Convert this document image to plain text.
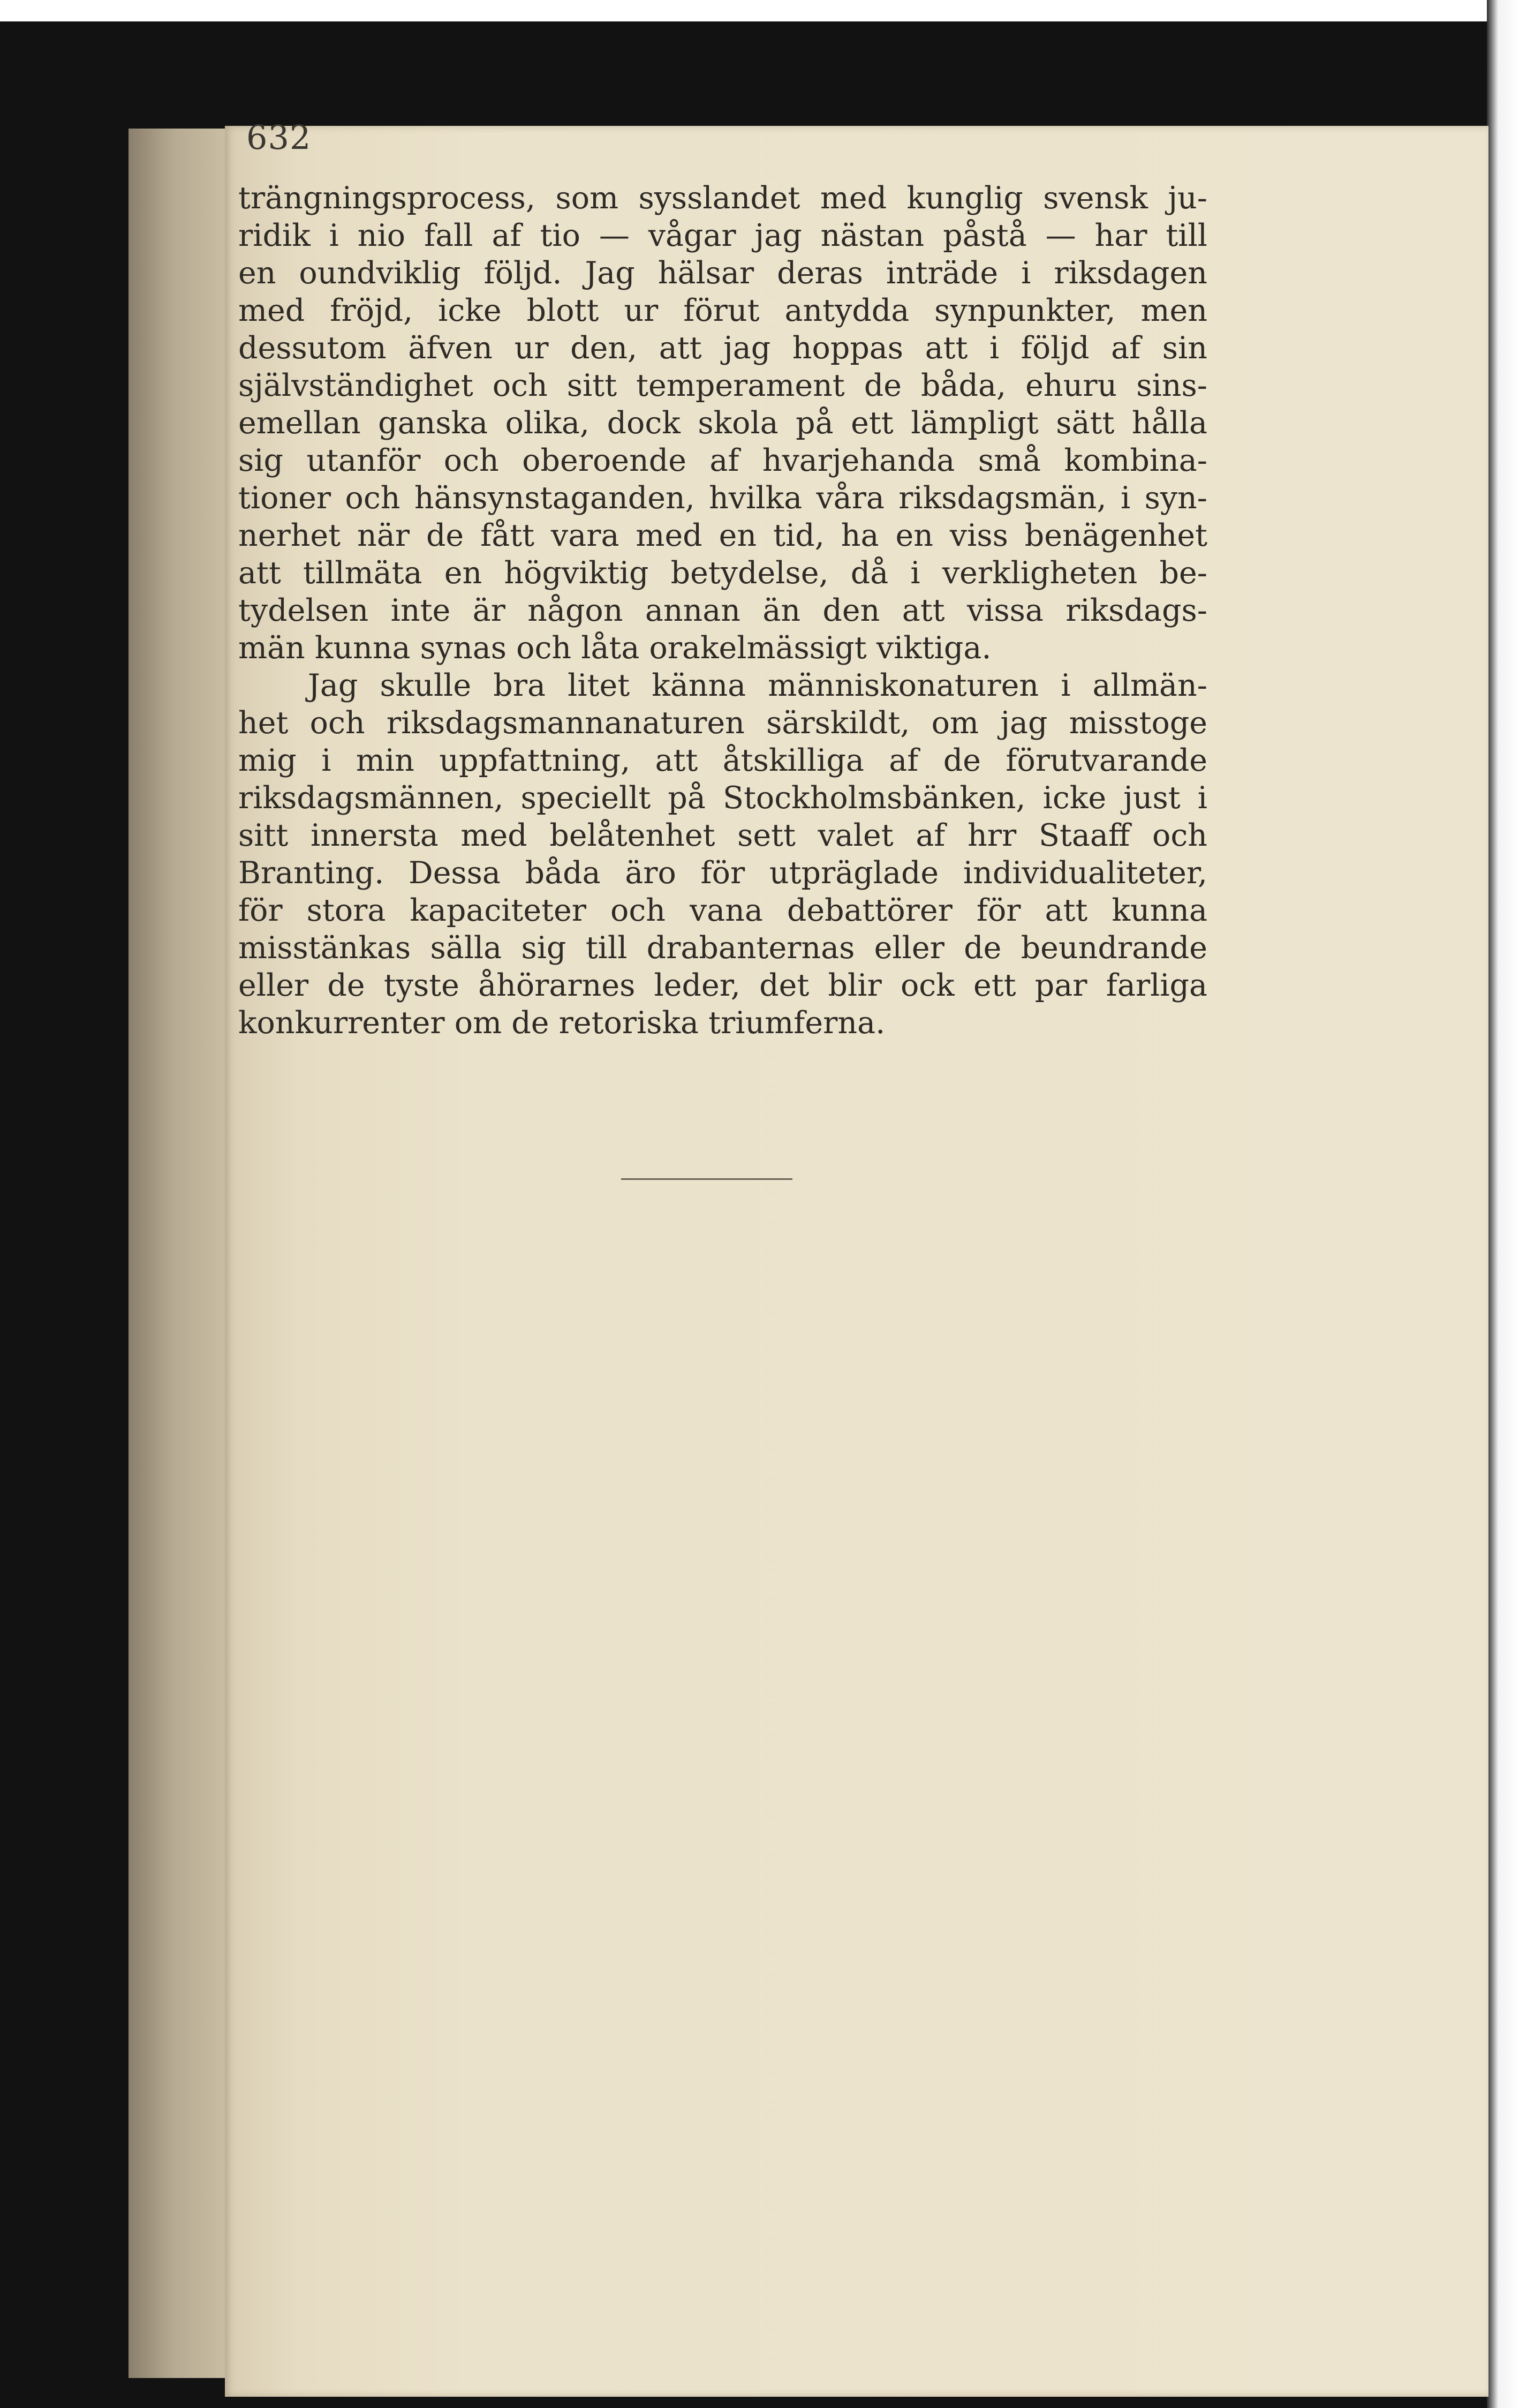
632
trängningsprocess, som sysslandet med kunglig svensk ju-
ridik i nio fall af tio — vågar jag nästan påstå — har till
en oundviklig följd. Jag hälsar deras inträde i riksdagen
med fröjd, icke blott ur förut antydda synpunkter, men
dessutom äfven ur den, att jag hoppas att i följd af sin
självständighet och sitt temperament de båda, ehuru sins-
emellan ganska olika, dock skola på ett lämpligt sätt hålla
sig utanför och oberoende af hvarjehanda små kombina-
tioner och hänsynstaganden, hvilka våra riksdagsmän, i syn-
nerhet när de fått vara med en tid, ha en viss benägenhet
att tillmäta en högviktig betydelse, då i verkligheten be-
tydelsen inte är någon annan än den att vissa riksdags-
män kunna synas och låta orakelmässigt viktiga.
Jag skulle bra litet känna människonaturen i allmän-
het och riksdagsmannanaturen särskildt, om jag misstoge
mig i min uppfattning, att åtskilliga af de förutvarande
riksdagsmännen, speciellt på Stockholmsbänken, icke just i
sitt innersta med belåtenhet sett valet af hrr Staaff och
Branting. Dessa båda äro för utpräglade individualiteter,
för stora kapaciteter och vana debattörer för att kunna
misstänkas sälla sig till drabanternas eller de beundrande
eller de tyste åhörarnes leder, det blir ock ett par farliga
konkurrenter om de retoriska triumferna.
